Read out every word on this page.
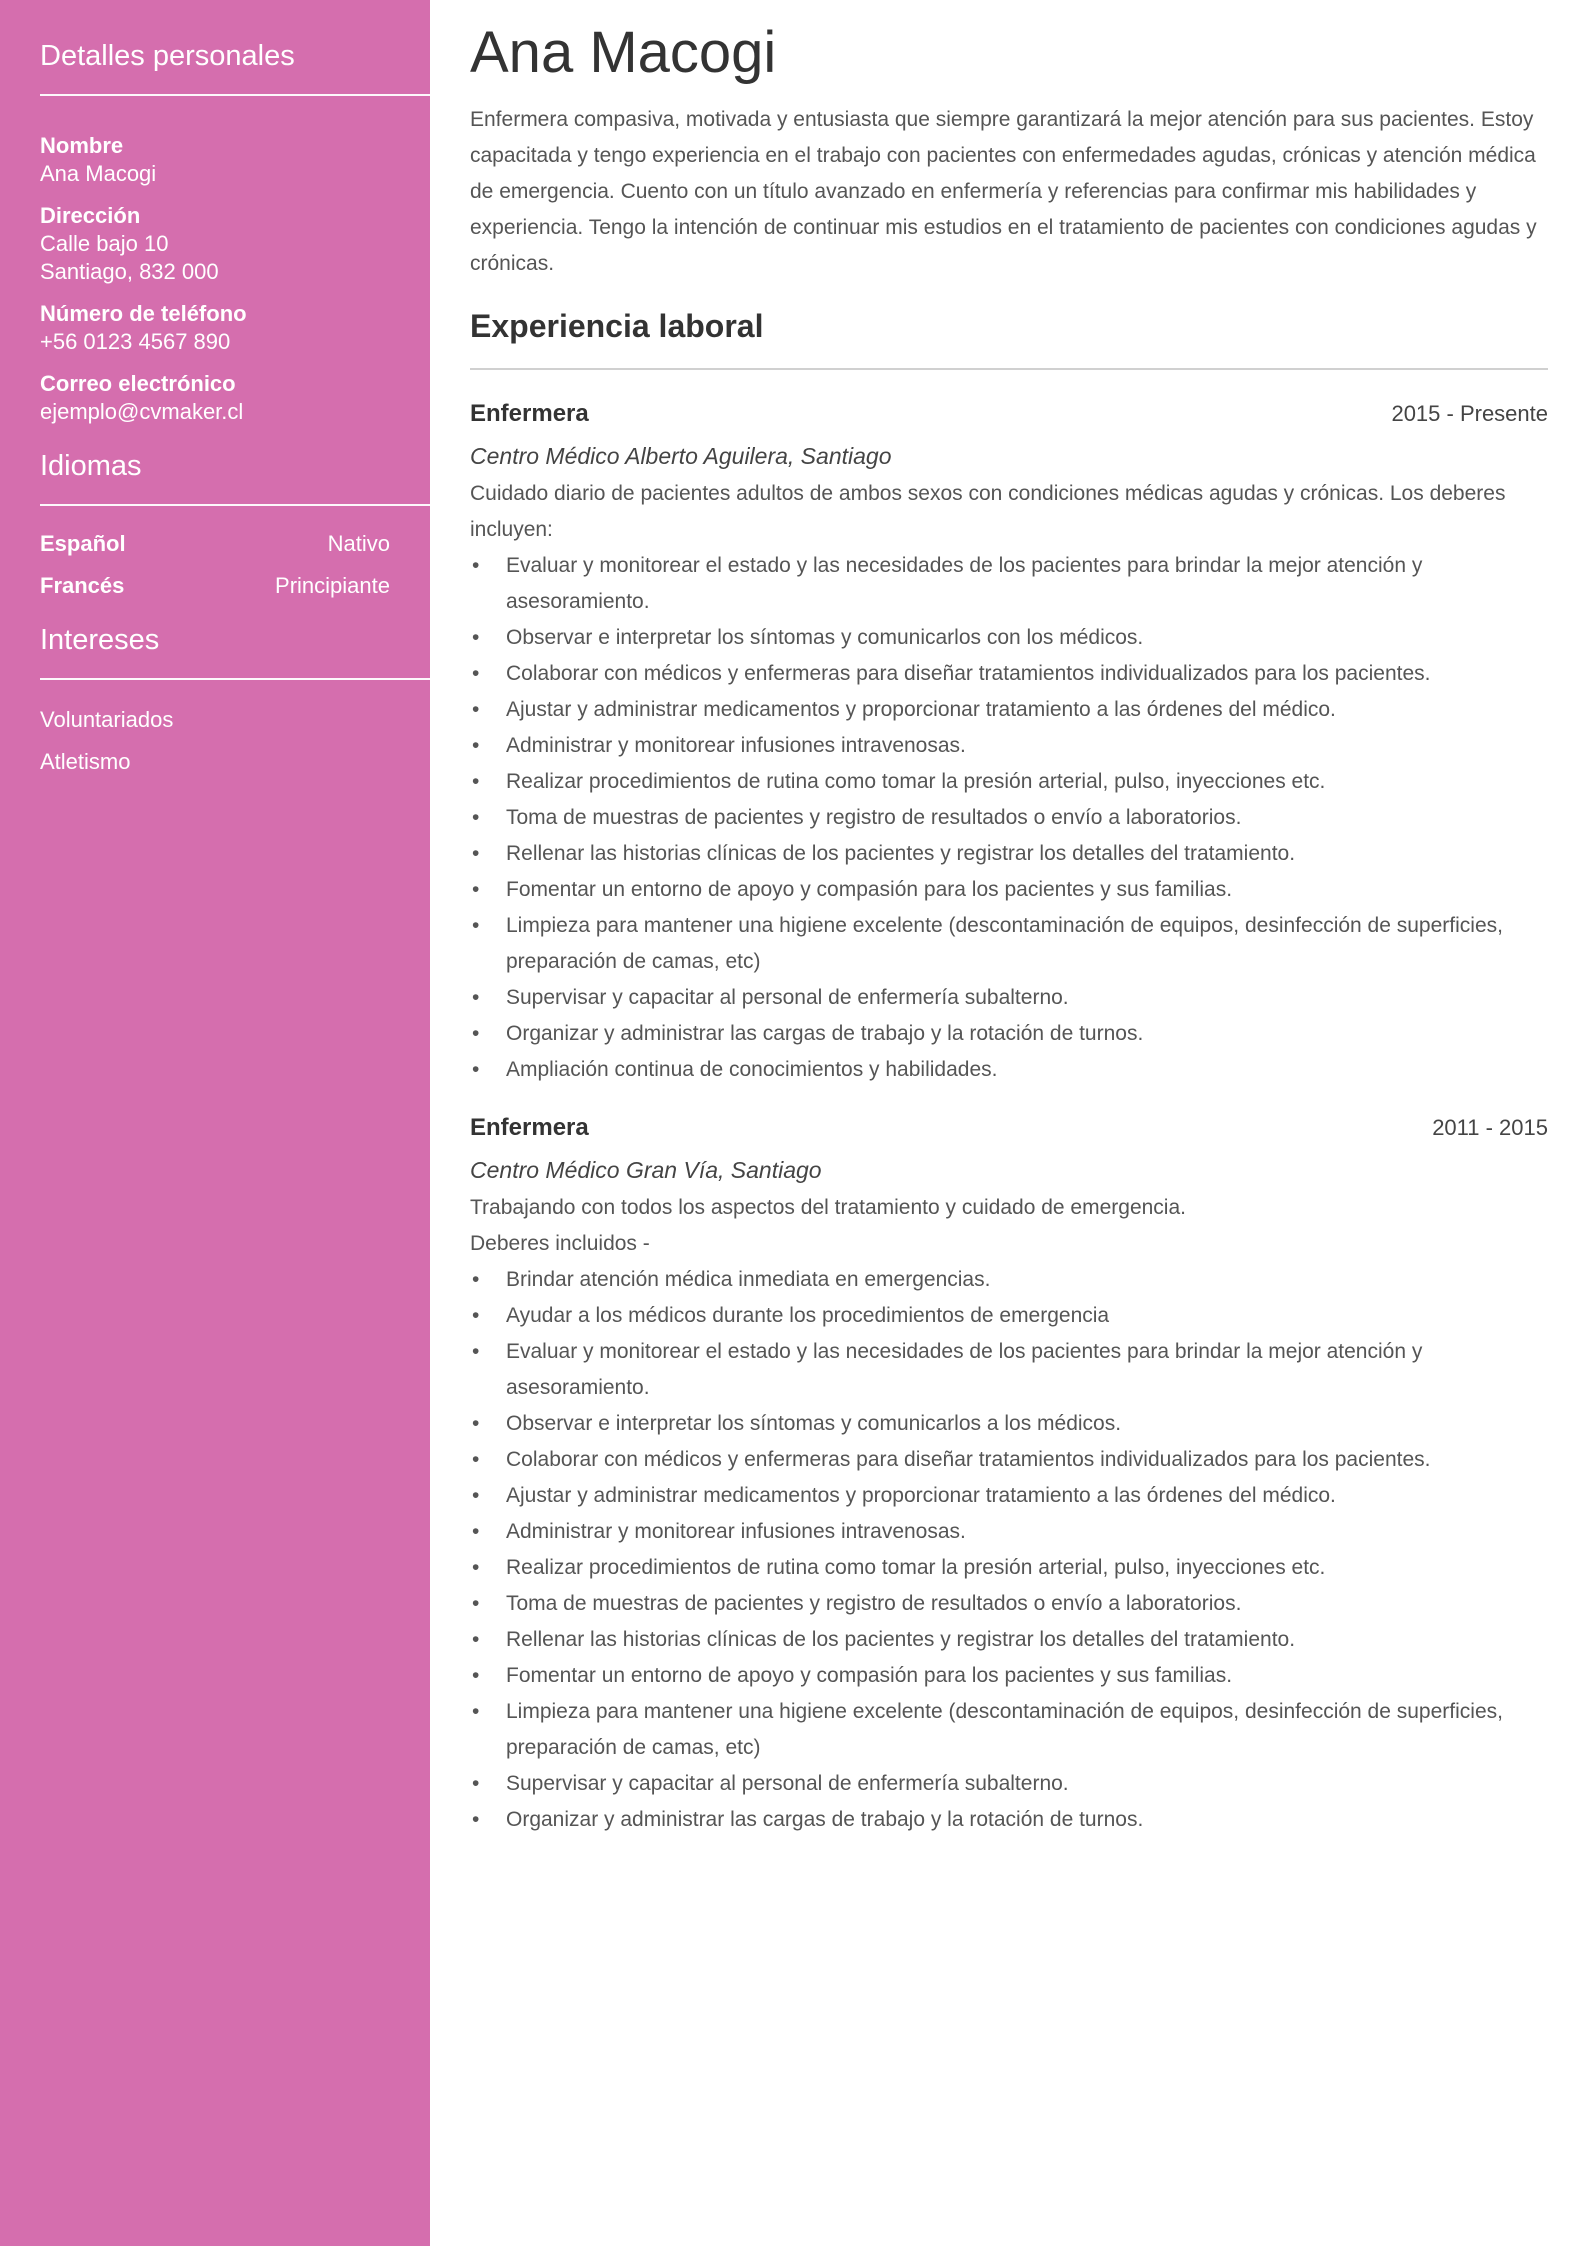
Detalles personales
Nombre
Ana Macogi
Dirección
Calle bajo 10
Santiago, 832 000
Número de teléfono
+56 0123 4567 890
Correo electrónico
ejemplo@cvmaker.cl
Idiomas
Español	Nativo
Francés	Principiante
Intereses
Voluntariados
Atletismo
Ana Macogi

Enfermera compasiva, motivada y entusiasta que siempre garantizará la mejor atención para sus pacientes. Estoy capacitada y tengo experiencia en el trabajo con pacientes con enfermedades agudas, crónicas y atención médica de emergencia. Cuento con un título avanzado en enfermería y referencias para confirmar mis habilidades y experiencia. Tengo la intención de continuar mis estudios en el tratamiento de pacientes con condiciones agudas y crónicas.

Experiencia laboral
Enfermera	2015 - Presente
Centro Médico Alberto Aguilera, Santiago

Cuidado diario de pacientes adultos de ambos sexos con condiciones médicas agudas y crónicas. Los deberes incluyen:

• Evaluar y monitorear el estado y las necesidades de los pacientes para brindar la mejor atención y asesoramiento.
• Observar e interpretar los síntomas y comunicarlos con los médicos.
• Colaborar con médicos y enfermeras para diseñar tratamientos individualizados para los pacientes.
• Ajustar y administrar medicamentos y proporcionar tratamiento a las órdenes del médico.
• Administrar y monitorear infusiones intravenosas.
• Realizar procedimientos de rutina como tomar la presión arterial, pulso, inyecciones etc.
• Toma de muestras de pacientes y registro de resultados o envío a laboratorios.
• Rellenar las historias clínicas de los pacientes y registrar los detalles del tratamiento.
• Fomentar un entorno de apoyo y compasión para los pacientes y sus familias.
• Limpieza para mantener una higiene excelente (descontaminación de equipos, desinfección de superficies, preparación de camas, etc)
• Supervisar y capacitar al personal de enfermería subalterno.
• Organizar y administrar las cargas de trabajo y la rotación de turnos.
• Ampliación continua de conocimientos y habilidades.
Enfermera	2011 - 2015
Centro Médico Gran Vía, Santiago

Trabajando con todos los aspectos del tratamiento y cuidado de emergencia.

Deberes incluidos -

• Brindar atención médica inmediata en emergencias.
• Ayudar a los médicos durante los procedimientos de emergencia
• Evaluar y monitorear el estado y las necesidades de los pacientes para brindar la mejor atención y asesoramiento.
• Observar e interpretar los síntomas y comunicarlos a los médicos.
• Colaborar con médicos y enfermeras para diseñar tratamientos individualizados para los pacientes.
• Ajustar y administrar medicamentos y proporcionar tratamiento a las órdenes del médico.
• Administrar y monitorear infusiones intravenosas.
• Realizar procedimientos de rutina como tomar la presión arterial, pulso, inyecciones etc.
• Toma de muestras de pacientes y registro de resultados o envío a laboratorios.
• Rellenar las historias clínicas de los pacientes y registrar los detalles del tratamiento.
• Fomentar un entorno de apoyo y compasión para los pacientes y sus familias.
• Limpieza para mantener una higiene excelente (descontaminación de equipos, desinfección de superficies, preparación de camas, etc)
• Supervisar y capacitar al personal de enfermería subalterno.
• Organizar y administrar las cargas de trabajo y la rotación de turnos.
